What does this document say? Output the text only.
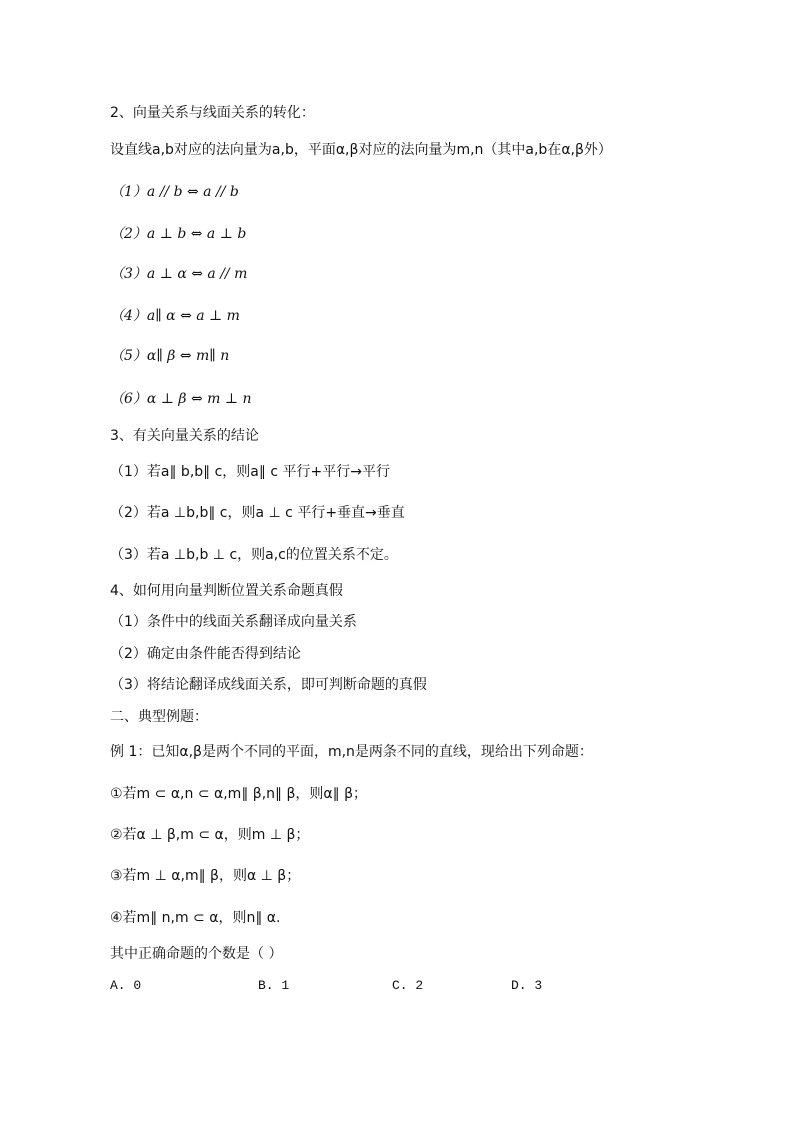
2、向量关系与线面关系的转化：
设直线a,b对应的法向量为a,b，平面α,β对应的法向量为m,n（其中a,b在α,β外）
（1）a // b ⇔ a // b
（2）a ⊥ b ⇔ a ⊥ b
（3）a ⊥ α ⇔ a // m
（4）a∥ α ⇔ a ⊥ m
（5）α∥ β ⇔ m∥ n
（6）α ⊥ β ⇔ m ⊥ n
3、有关向量关系的结论
（1）若a∥ b,b∥ c，则a∥ c 平行+平行→平行
（2）若a ⊥b,b∥ c，则a ⊥ c 平行+垂直→垂直
（3）若a ⊥b,b ⊥ c，则a,c的位置关系不定。
4、如何用向量判断位置关系命题真假
（1）条件中的线面关系翻译成向量关系
（2）确定由条件能否得到结论
（3）将结论翻译成线面关系，即可判断命题的真假
二、典型例题：
例 1：已知α,β是两个不同的平面，m,n是两条不同的直线，现给出下列命题：
①若m ⊂ α,n ⊂ α,m∥ β,n∥ β，则α∥ β；
②若α ⊥ β,m ⊂ α，则m ⊥ β；
③若m ⊥ α,m∥ β，则α ⊥ β；
④若m∥ n,m ⊂ α，则n∥ α.
其中正确命题的个数是（ ）
A. 0	B. 1	C. 2	D. 3
